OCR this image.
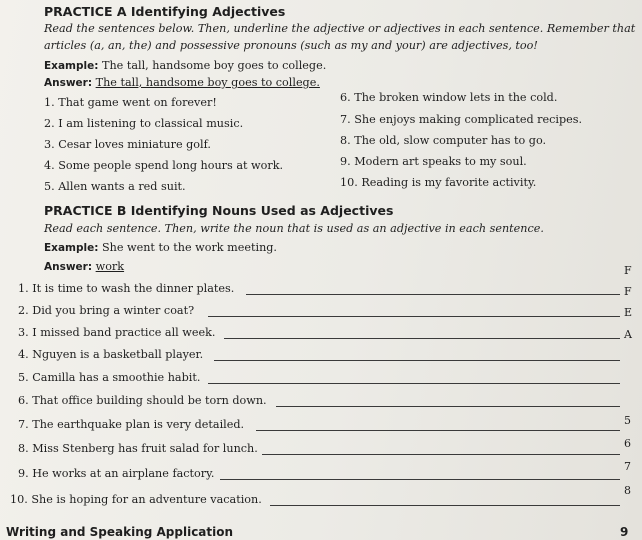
PRACTICE A Identifying Adjectives
Read the sentences below. Then, underline the adjective or adjectives in each sentence. Remember that
articles (a, an, the) and possessive pronouns (such as my and your) are adjectives, too!
Example: The tall, handsome boy goes to college.
Answer: The tall, handsome boy goes to college.
1. That game went on forever!
2. I am listening to classical music.
3. Cesar loves miniature golf.
4. Some people spend long hours at work.
5. Allen wants a red suit.
6. The broken window lets in the cold.
7. She enjoys making complicated recipes.
8. The old, slow computer has to go.
9. Modern art speaks to my soul.
10. Reading is my favorite activity.
PRACTICE B Identifying Nouns Used as Adjectives
Read each sentence. Then, write the noun that is used as an adjective in each sentence.
Example: She went to the work meeting.
Answer: work
1. It is time to wash the dinner plates.
2. Did you bring a winter coat?
3. I missed band practice all week.
4. Nguyen is a basketball player.
5. Camilla has a smoothie habit.
6. That office building should be torn down.
7. The earthquake plan is very detailed.
8. Miss Stenberg has fruit salad for lunch.
9. He works at an airplane factory.
10. She is hoping for an adventure vacation.
F
F
E
A
5
6
7
8
Writing and Speaking Application	9
